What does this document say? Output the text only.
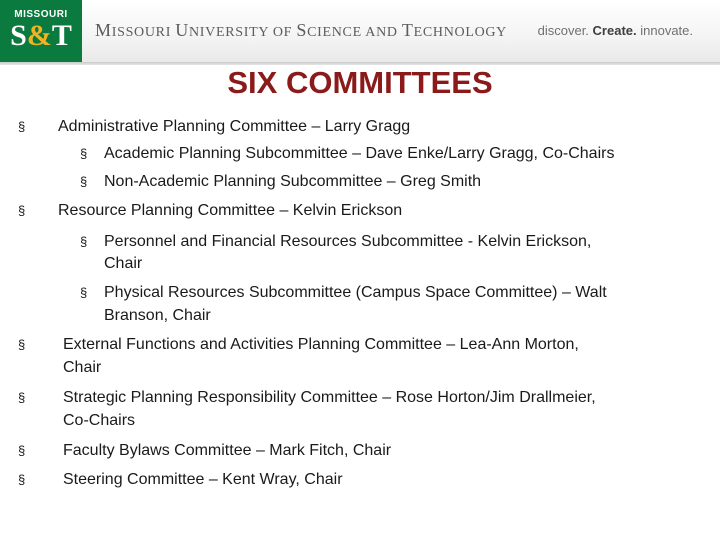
MISSOURI
S&T	MISSOURI UNIVERSITY OF SCIENCE AND TECHNOLOGY discover. Create. innovate.
SIX COMMITTEES
§ Administrative Planning Committee – Larry Gragg
§ Academic Planning Subcommittee – Dave Enke/Larry Gragg, Co-Chairs
§ Non-Academic Planning Subcommittee – Greg Smith
§ Resource Planning Committee – Kelvin Erickson
§ Personnel and Financial Resources Subcommittee - Kelvin Erickson,
Chair
§ Physical Resources Subcommittee (Campus Space Committee) – Walt
Branson, Chair
§ External Functions and Activities Planning Committee – Lea-Ann Morton,
Chair
§ Strategic Planning Responsibility Committee – Rose Horton/Jim Drallmeier,
Co-Chairs
§ Faculty Bylaws Committee – Mark Fitch, Chair
§ Steering Committee – Kent Wray, Chair
